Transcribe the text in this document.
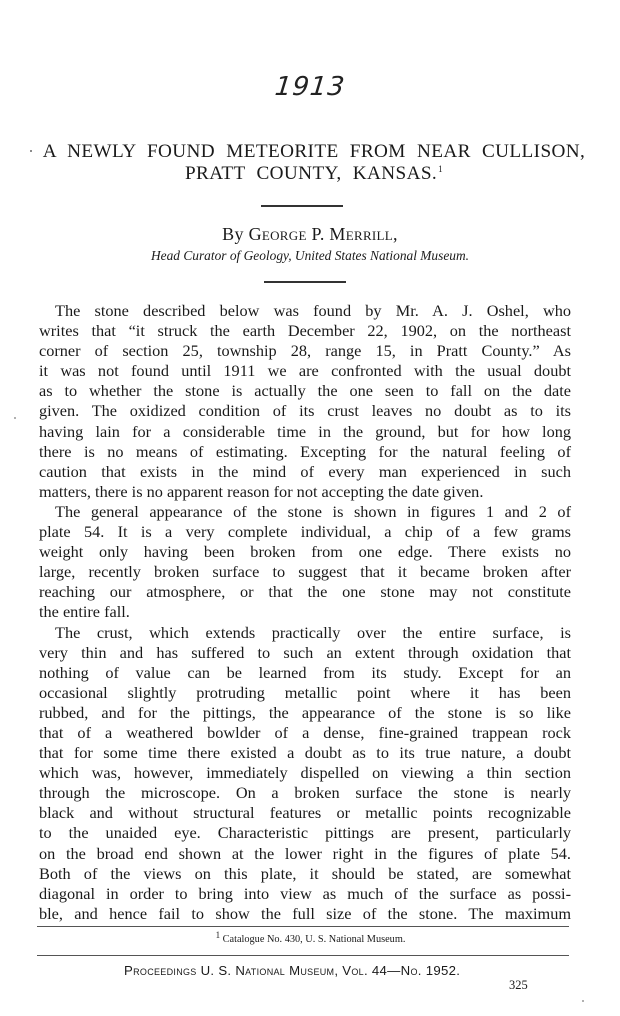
1913
A NEWLY FOUND METEORITE FROM NEAR CULLISON,
PRATT COUNTY, KANSAS.$^1$
By George P. Merrill,
Head Curator of Geology, United States National Museum.
The stone described below was found by Mr. A. J. Oshel, who
writes that “it struck the earth December 22, 1902, on the northeast
corner of section 25, township 28, range 15, in Pratt County.” As
it was not found until 1911 we are confronted with the usual doubt
as to whether the stone is actually the one seen to fall on the date
given. The oxidized condition of its crust leaves no doubt as to its
having lain for a considerable time in the ground, but for how long
there is no means of estimating. Excepting for the natural feeling of
caution that exists in the mind of every man experienced in such
matters, there is no apparent reason for not accepting the date given.
The general appearance of the stone is shown in figures 1 and 2 of
plate 54. It is a very complete individual, a chip of a few grams
weight only having been broken from one edge. There exists no
large, recently broken surface to suggest that it became broken after
reaching our atmosphere, or that the one stone may not constitute
the entire fall.
The crust, which extends practically over the entire surface, is
very thin and has suffered to such an extent through oxidation that
nothing of value can be learned from its study. Except for an
occasional slightly protruding metallic point where it has been
rubbed, and for the pittings, the appearance of the stone is so like
that of a weathered bowlder of a dense, fine-grained trappean rock
that for some time there existed a doubt as to its true nature, a doubt
which was, however, immediately dispelled on viewing a thin section
through the microscope. On a broken surface the stone is nearly
black and without structural features or metallic points recognizable
to the unaided eye. Characteristic pittings are present, particularly
on the broad end shown at the lower right in the figures of plate 54.
Both of the views on this plate, it should be stated, are somewhat
diagonal in order to bring into view as much of the surface as possi-
ble, and hence fail to show the full size of the stone. The maximum
$^1$ Catalogue No. 430, U. S. National Museum.
Proceedings U. S. National Museum, Vol. 44—No. 1952.
325
